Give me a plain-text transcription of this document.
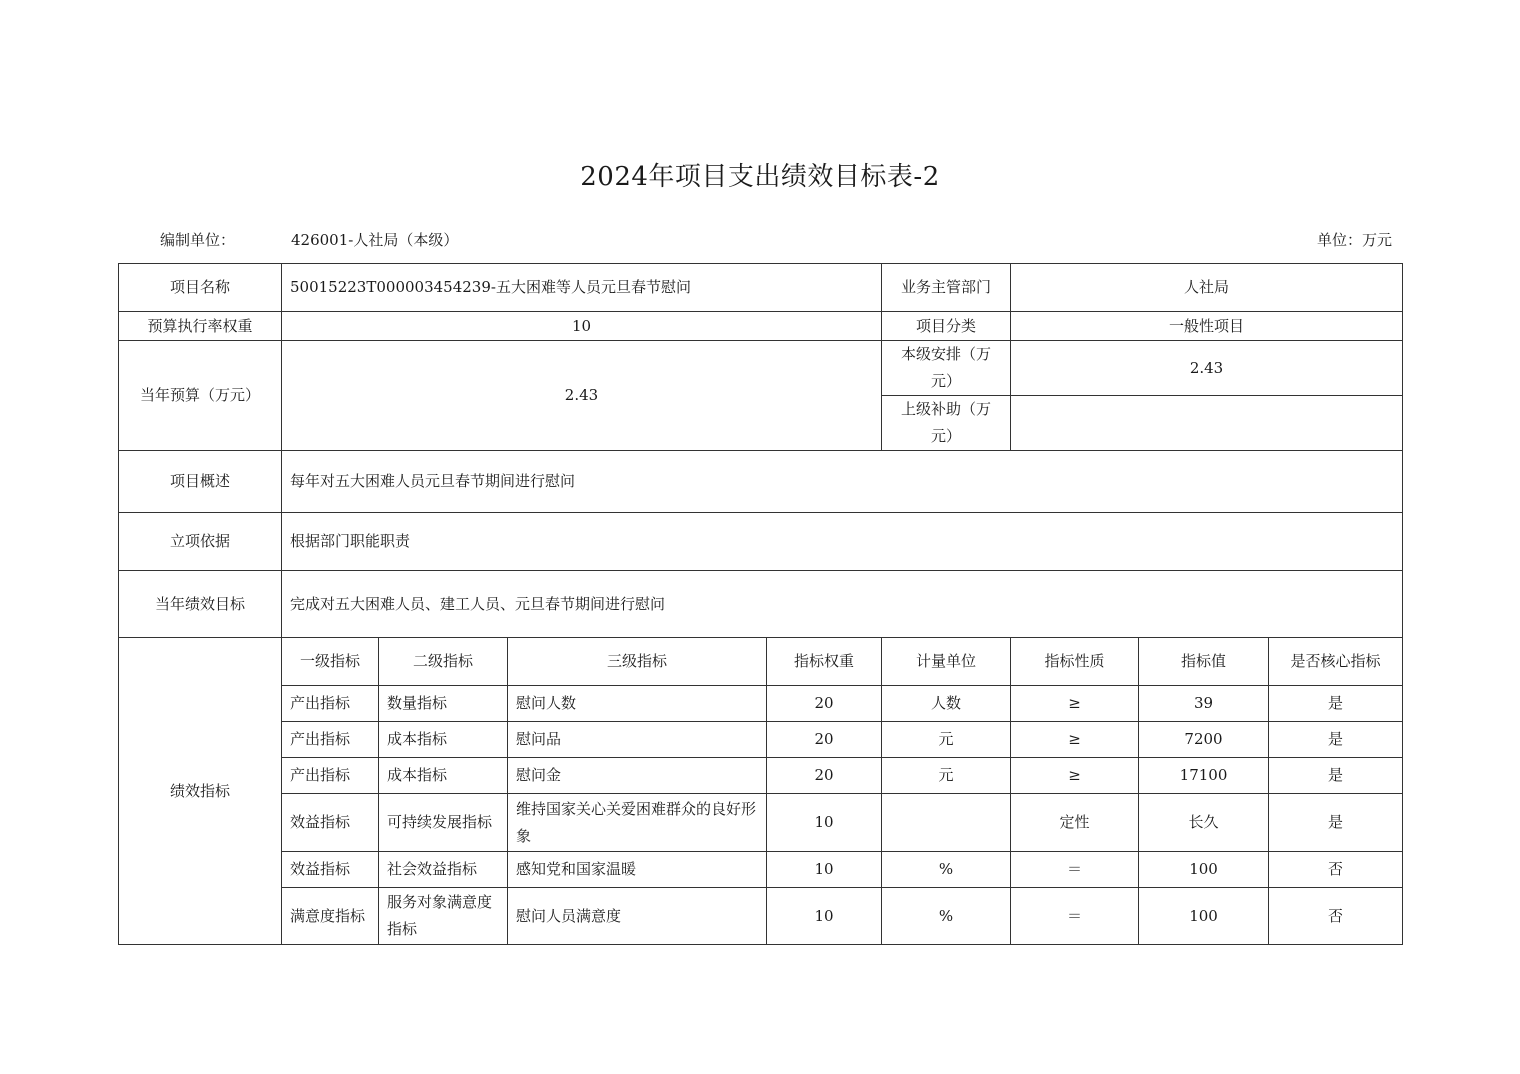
2024年项目支出绩效目标表-2
编制单位：	426001-人社局（本级）	单位：万元
项目名称	50015223T000003454239-五大困难等人员元旦春节慰问				业务主管部门	人社局		
预算执行率权重	10				项目分类	一般性项目		
当年预算（万元）	2.43				本级安排（万元）	2.43		
					上级补助（万元）			
项目概述	每年对五大困难人员元旦春节期间进行慰问							
立项依据	根据部门职能职责							
当年绩效目标	完成对五大困难人员、建工人员、元旦春节期间进行慰问							
绩效指标	一级指标	二级指标	三级指标	指标权重	计量单位	指标性质	指标值	是否核心指标
	产出指标	数量指标	慰问人数	20	人数	≥	39	是
	产出指标	成本指标	慰问品	20	元	≥	7200	是
	产出指标	成本指标	慰问金	20	元	≥	17100	是
	效益指标	可持续发展指标	维持国家关心关爱困难群众的良好形象	10		定性	长久	是
	效益指标	社会效益指标	感知党和国家温暖	10	%	＝	100	否
	满意度指标	服务对象满意度指标	慰问人员满意度	10	%	＝	100	否
